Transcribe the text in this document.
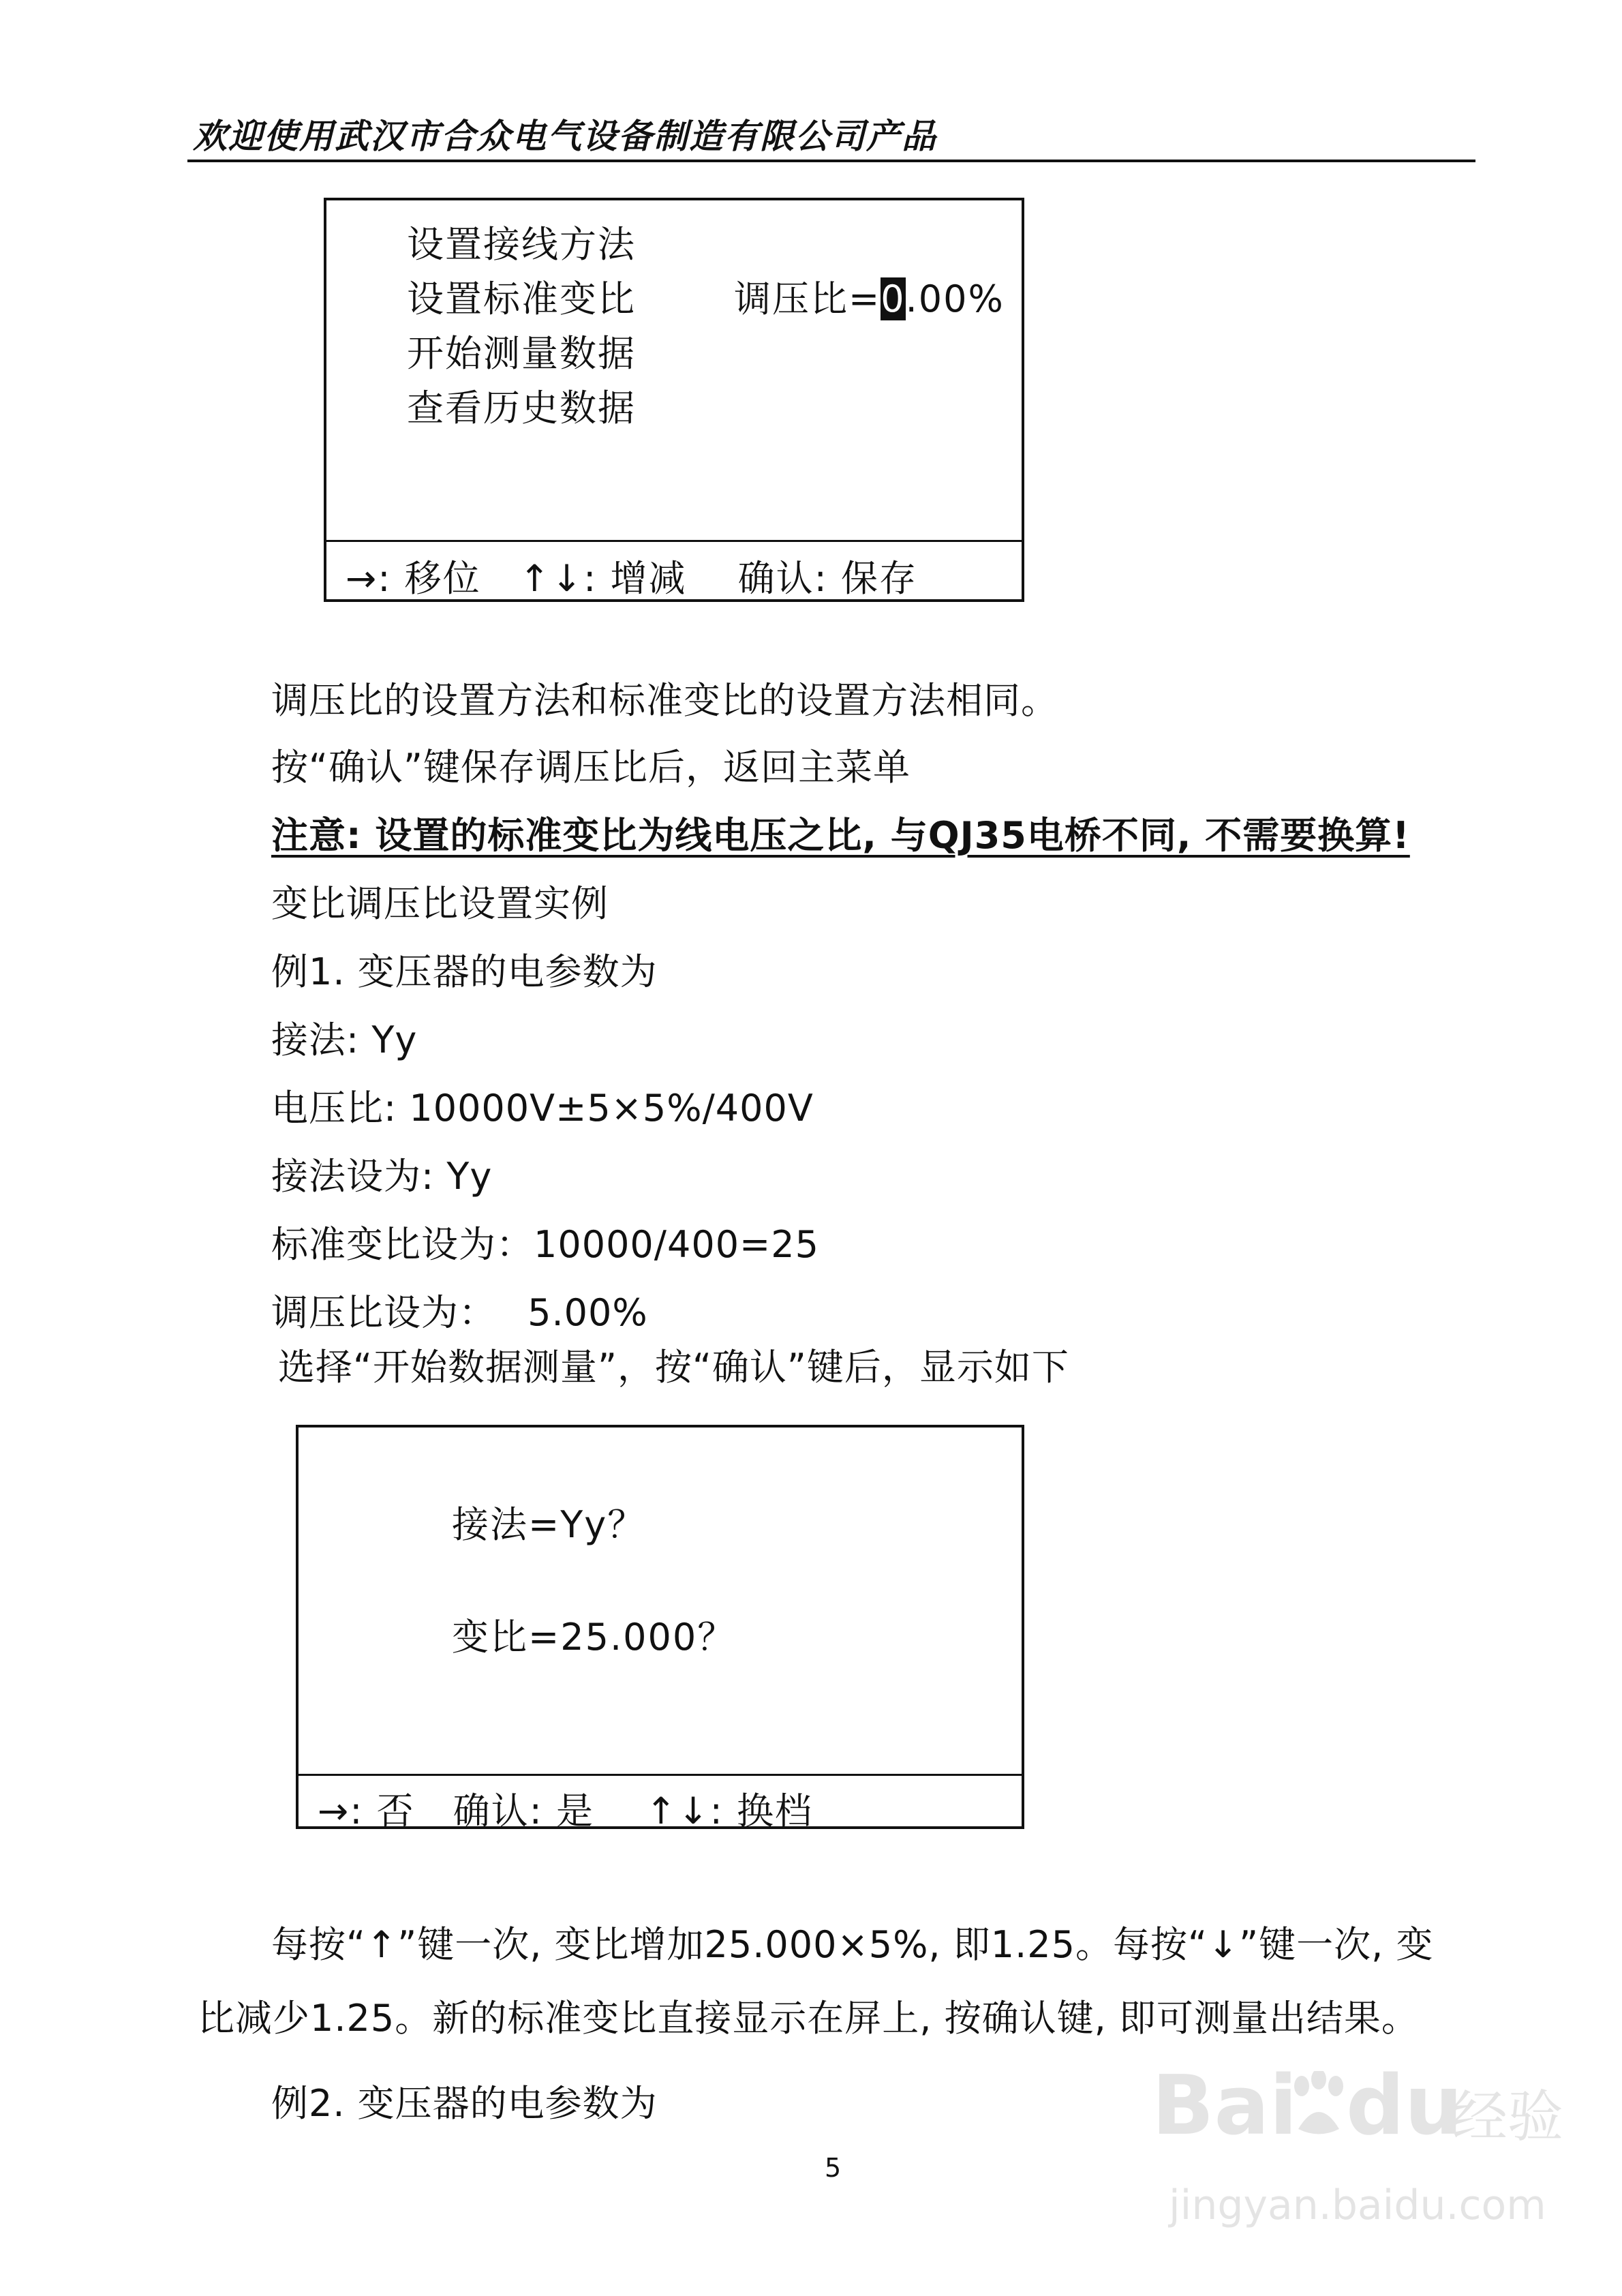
欢迎使用武汉市合众电气设备制造有限公司产品
设置接线方法
设置标准变比
开始测量数据
查看历史数据
调压比=0.00%
→: 移位　↑↓: 增减　 确认: 保存
调压比的设置方法和标准变比的设置方法相同。
按“确认”键保存调压比后，返回主菜单
注意: 设置的标准变比为线电压之比, 与QJ35电桥不同, 不需要换算!
变比调压比设置实例
例1. 变压器的电参数为
接法: Yy
电压比: 10000V±5×5%/400V
接法设为: Yy
标准变比设为：10000/400=25
调压比设为：　 5.00%
选择“开始数据测量”，按“确认”键后，显示如下
接法=Yy？
变比=25.000？
→: 否　确认: 是　 ↑↓: 换档
每按“↑”键一次, 变比增加25.000×5%, 即1.25。每按“↓”键一次, 变
比减少1.25。新的标准变比直接显示在屏上, 按确认键, 即可测量出结果。
例2. 变压器的电参数为
5
Bai du
经验
jingyan.baidu.com
